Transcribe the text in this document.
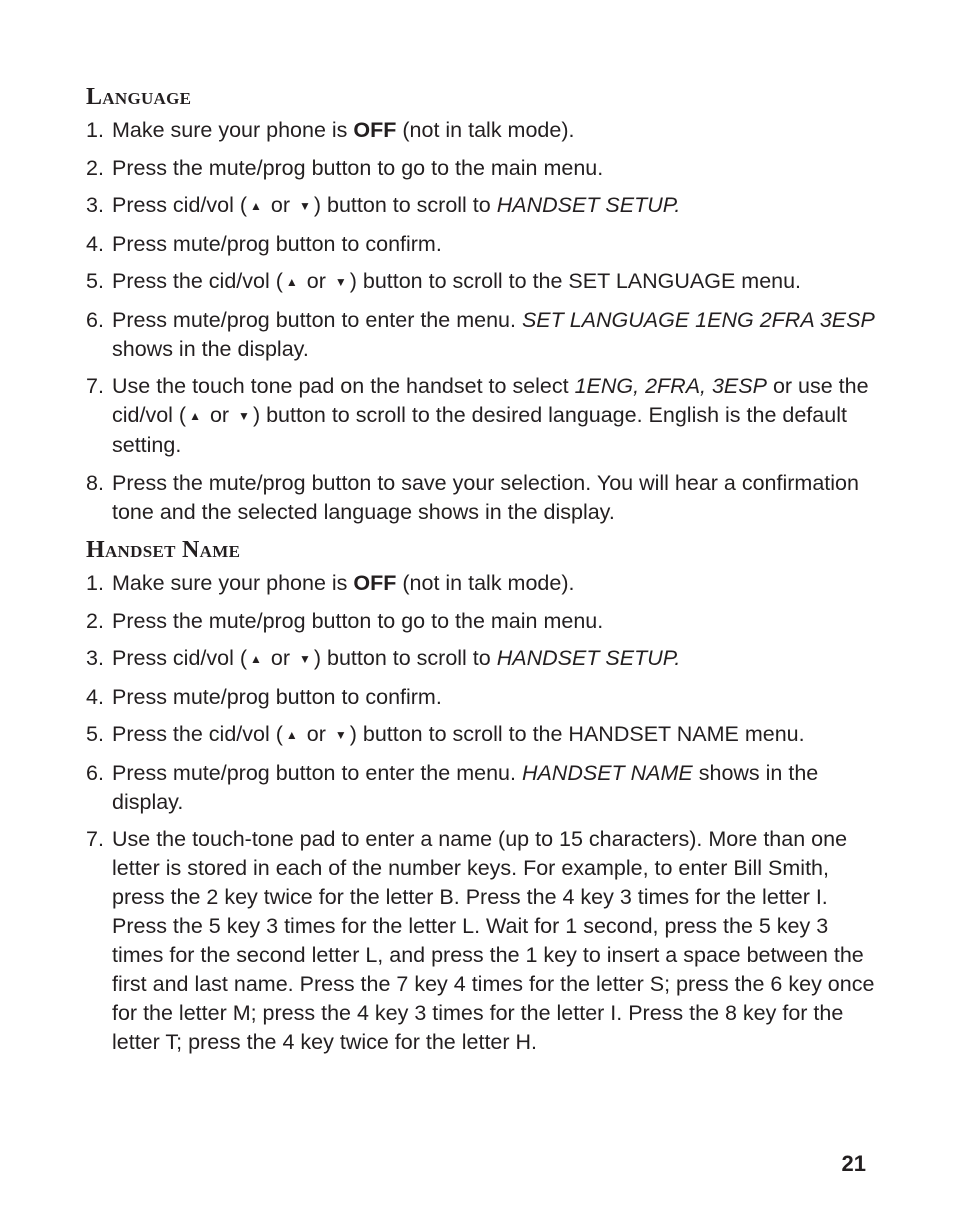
Language
1. Make sure your phone is OFF (not in talk mode).
2. Press the mute/prog button to go to the main menu.
3. Press cid/vol ( ▲ or ▼ ) button to scroll to HANDSET SETUP.
4. Press mute/prog button to confirm.
5. Press the cid/vol ( ▲ or ▼ ) button to scroll to the SET LANGUAGE menu.
6. Press mute/prog button to enter the menu. SET LANGUAGE 1ENG 2FRA 3ESP shows in the display.
7. Use the touch tone pad on the handset to select 1ENG, 2FRA, 3ESP or use the cid/vol ( ▲ or ▼ ) button to scroll to the desired language. English is the default setting.
8. Press the mute/prog button to save your selection. You will hear a confirmation tone and the selected language shows in the display.
Handset Name
1. Make sure your phone is OFF (not in talk mode).
2. Press the mute/prog button to go to the main menu.
3. Press cid/vol ( ▲ or ▼ ) button to scroll to HANDSET SETUP.
4. Press mute/prog button to confirm.
5. Press the cid/vol ( ▲ or ▼ ) button to scroll to the HANDSET NAME menu.
6. Press mute/prog button to enter the menu. HANDSET NAME shows in the display.
7. Use the touch-tone pad to enter a name (up to 15 characters). More than one letter is stored in each of the number keys. For example, to enter Bill Smith, press the 2 key twice for the letter B. Press the 4 key 3 times for the letter I. Press the 5 key 3 times for the letter L. Wait for 1 second, press the 5 key 3 times for the second letter L, and press the 1 key to insert a space between the first and last name. Press the 7 key 4 times for the letter S; press the 6 key once for the letter M; press the 4 key 3 times for the letter I. Press the 8 key for the letter T; press the 4 key twice for the letter H.
21
